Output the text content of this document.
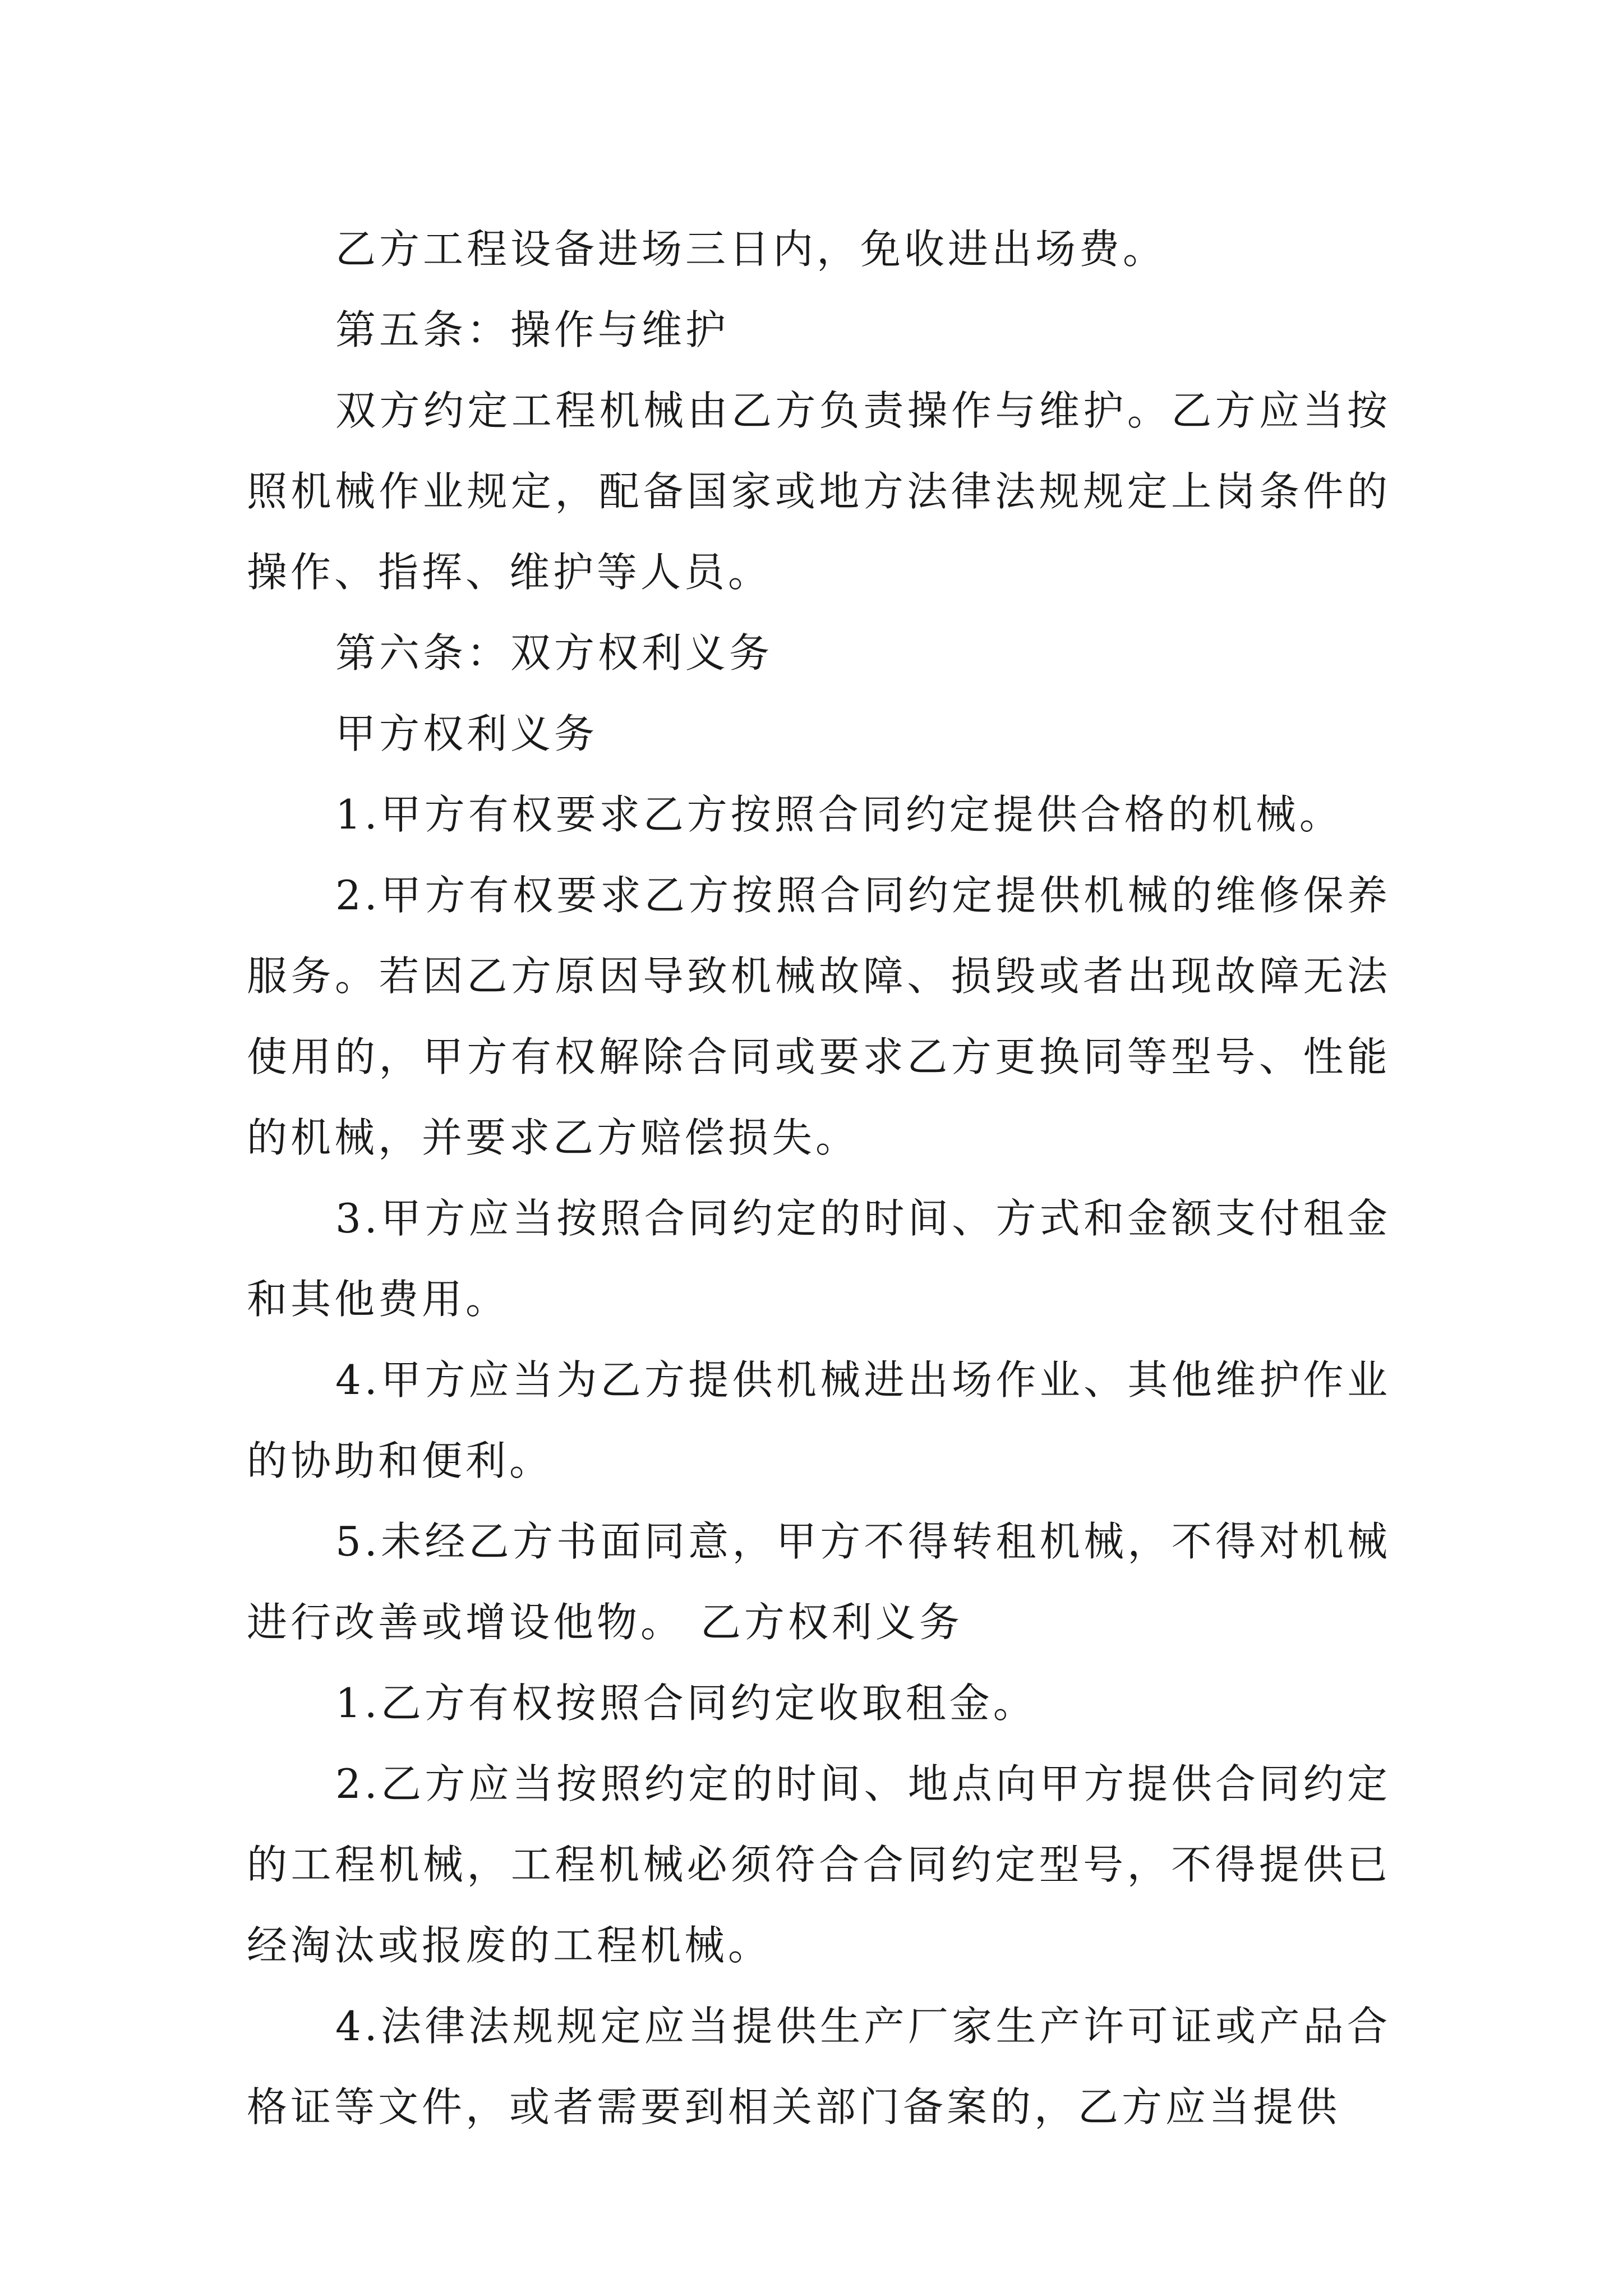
乙方工程设备进场三日内，免收进出场费。

第五条：操作与维护

双方约定工程机械由乙方负责操作与维护。乙方应当按照机械作业规定，配备国家或地方法律法规规定上岗条件的操作、指挥、维护等人员。

第六条：双方权利义务

甲方权利义务

1.甲方有权要求乙方按照合同约定提供合格的机械。

2.甲方有权要求乙方按照合同约定提供机械的维修保养服务。若因乙方原因导致机械故障、损毁或者出现故障无法使用的，甲方有权解除合同或要求乙方更换同等型号、性能的机械，并要求乙方赔偿损失。

3.甲方应当按照合同约定的时间、方式和金额支付租金和其他费用。

4.甲方应当为乙方提供机械进出场作业、其他维护作业的协助和便利。

5.未经乙方书面同意，甲方不得转租机械，不得对机械进行改善或增设他物。 乙方权利义务

1.乙方有权按照合同约定收取租金。

2.乙方应当按照约定的时间、地点向甲方提供合同约定的工程机械，工程机械必须符合合同约定型号，不得提供已经淘汰或报废的工程机械。

4.法律法规规定应当提供生产厂家生产许可证或产品合格证等文件，或者需要到相关部门备案的，乙方应当提供
